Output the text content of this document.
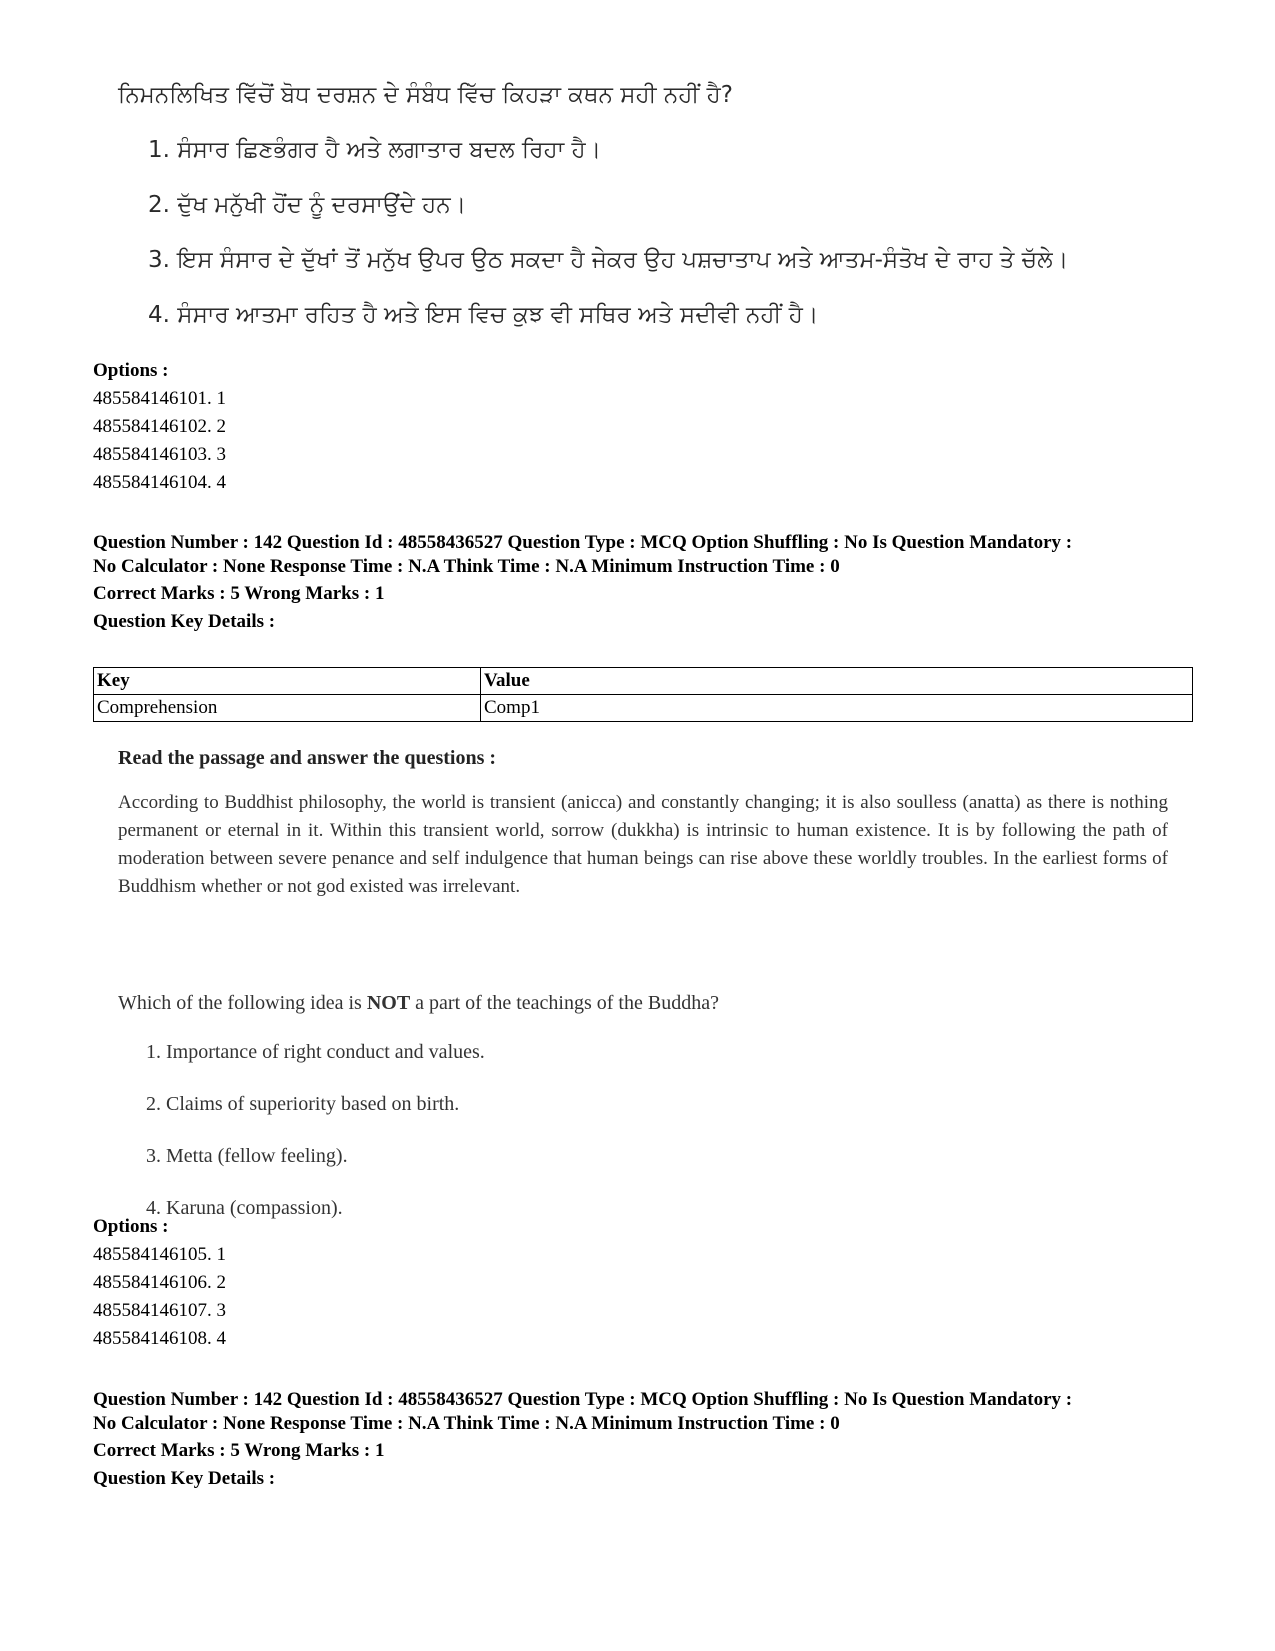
ਨਿਮਨਲਿਖਿਤ ਵਿੱਚੋਂ ਬੋਧ ਦਰਸ਼ਨ ਦੇ ਸੰਬੰਧ ਵਿੱਚ ਕਿਹੜਾ ਕਥਨ ਸਹੀ ਨਹੀਂ ਹੈ?
1. ਸੰਸਾਰ ਛਿਣਭੰਗਰ ਹੈ ਅਤੇ ਲਗਾਤਾਰ ਬਦਲ ਰਿਹਾ ਹੈ।
2. ਦੁੱਖ ਮਨੁੱਖੀ ਹੋਂਦ ਨੂੰ ਦਰਸਾਉਂਦੇ ਹਨ।
3. ਇਸ ਸੰਸਾਰ ਦੇ ਦੁੱਖਾਂ ਤੋਂ ਮਨੁੱਖ ਉਪਰ ਉਠ ਸਕਦਾ ਹੈ ਜੇਕਰ ਉਹ ਪਸ਼ਚਾਤਾਪ ਅਤੇ ਆਤਮ-ਸੰਤੋਖ ਦੇ ਰਾਹ ਤੇ ਚੱਲੇ।
4. ਸੰਸਾਰ ਆਤਮਾ ਰਹਿਤ ਹੈ ਅਤੇ ਇਸ ਵਿਚ ਕੁਝ ਵੀ ਸਥਿਰ ਅਤੇ ਸਦੀਵੀ ਨਹੀਂ ਹੈ।
Options :
485584146101. 1
485584146102. 2
485584146103. 3
485584146104. 4
Question Number : 142 Question Id : 48558436527 Question Type : MCQ Option Shuffling : No Is Question Mandatory :
No Calculator : None Response Time : N.A Think Time : N.A Minimum Instruction Time : 0
Correct Marks : 5 Wrong Marks : 1
Question Key Details :
Key	Value
Comprehension	Comp1
Read the passage and answer the questions :
According to Buddhist philosophy, the world is transient (anicca) and constantly changing; it is also soulless (anatta) as there is nothing permanent or eternal in it. Within this transient world, sorrow (dukkha) is intrinsic to human existence. It is by following the path of moderation between severe penance and self indulgence that human beings can rise above these worldly troubles. In the earliest forms of Buddhism whether or not god existed was irrelevant.
Which of the following idea is NOT a part of the teachings of the Buddha?
1. Importance of right conduct and values.
2. Claims of superiority based on birth.
3. Metta (fellow feeling).
4. Karuna (compassion).
Options :
485584146105. 1
485584146106. 2
485584146107. 3
485584146108. 4
Question Number : 142 Question Id : 48558436527 Question Type : MCQ Option Shuffling : No Is Question Mandatory :
No Calculator : None Response Time : N.A Think Time : N.A Minimum Instruction Time : 0
Correct Marks : 5 Wrong Marks : 1
Question Key Details :
